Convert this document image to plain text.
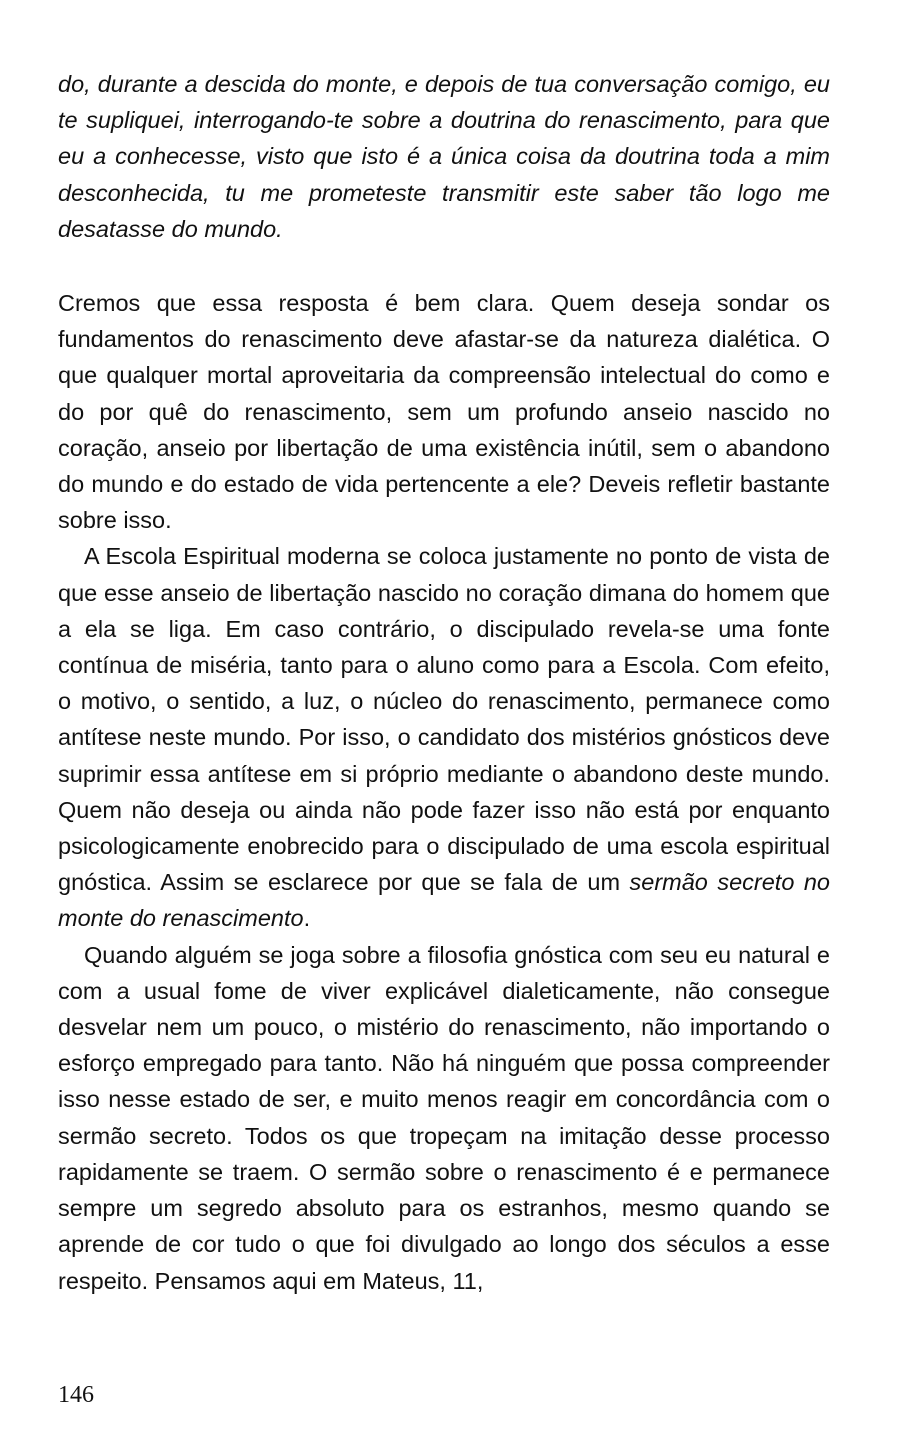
do, durante a descida do monte, e depois de tua conversação comigo, eu te supliquei, interrogando-te sobre a doutrina do renascimento, para que eu a conhecesse, visto que isto é a única coisa da doutrina toda a mim desconhecida, tu me prometeste transmitir este saber tão logo me desatasse do mundo.

Cremos que essa resposta é bem clara. Quem deseja sondar os fundamentos do renascimento deve afastar-se da natureza dialética. O que qualquer mortal aproveitaria da compreensão intelectual do como e do por quê do renascimento, sem um profundo anseio nascido no coração, anseio por libertação de uma existência inútil, sem o abandono do mundo e do estado de vida pertencente a ele? Deveis refletir bastante sobre isso.

A Escola Espiritual moderna se coloca justamente no ponto de vista de que esse anseio de libertação nascido no coração dimana do homem que a ela se liga. Em caso contrário, o discipulado revela-se uma fonte contínua de miséria, tanto para o aluno como para a Escola. Com efeito, o motivo, o sentido, a luz, o núcleo do renascimento, permanece como antítese neste mundo. Por isso, o candidato dos mistérios gnósticos deve suprimir essa antítese em si próprio mediante o abandono deste mundo. Quem não deseja ou ainda não pode fazer isso não está por enquanto psicologicamente enobrecido para o discipulado de uma escola espiritual gnóstica. Assim se esclarece por que se fala de um sermão secreto no monte do renascimento.

Quando alguém se joga sobre a filosofia gnóstica com seu eu natural e com a usual fome de viver explicável dialeticamente, não consegue desvelar nem um pouco, o mistério do renascimento, não importando o esforço empregado para tanto. Não há ninguém que possa compreender isso nesse estado de ser, e muito menos reagir em concordância com o sermão secreto. Todos os que tropeçam na imitação desse processo rapidamente se traem. O sermão sobre o renascimento é e permanece sempre um segredo absoluto para os estranhos, mesmo quando se aprende de cor tudo o que foi divulgado ao longo dos séculos a esse respeito. Pensamos aqui em Mateus, 11,

146
